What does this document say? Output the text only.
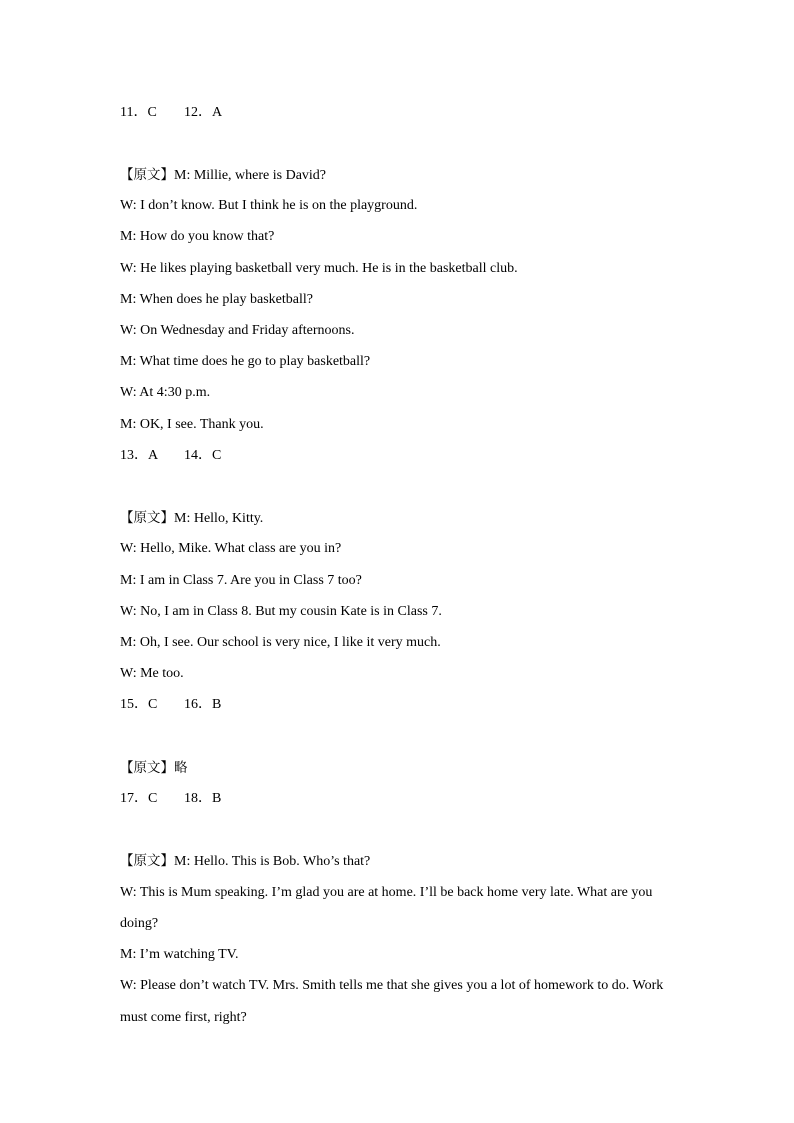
11．C 12．A
【原文】M: Millie, where is David?
W: I don’t know. But I think he is on the playground.
M: How do you know that?
W: He likes playing basketball very much. He is in the basketball club.
M: When does he play basketball?
W: On Wednesday and Friday afternoons.
M: What time does he go to play basketball?
W: At 4:30 p.m.
M: OK, I see. Thank you.
13．A 14．C
【原文】M: Hello, Kitty.
W: Hello, Mike. What class are you in?
M: I am in Class 7. Are you in Class 7 too?
W: No, I am in Class 8. But my cousin Kate is in Class 7.
M: Oh, I see. Our school is very nice, I like it very much.
W: Me too.
15．C 16．B
【原文】略
17．C 18．B
【原文】M: Hello. This is Bob. Who’s that?
W: This is Mum speaking. I’m glad you are at home. I’ll be back home very late. What are you
doing?
M: I’m watching TV.
W: Please don’t watch TV. Mrs. Smith tells me that she gives you a lot of homework to do. Work
must come first, right?
